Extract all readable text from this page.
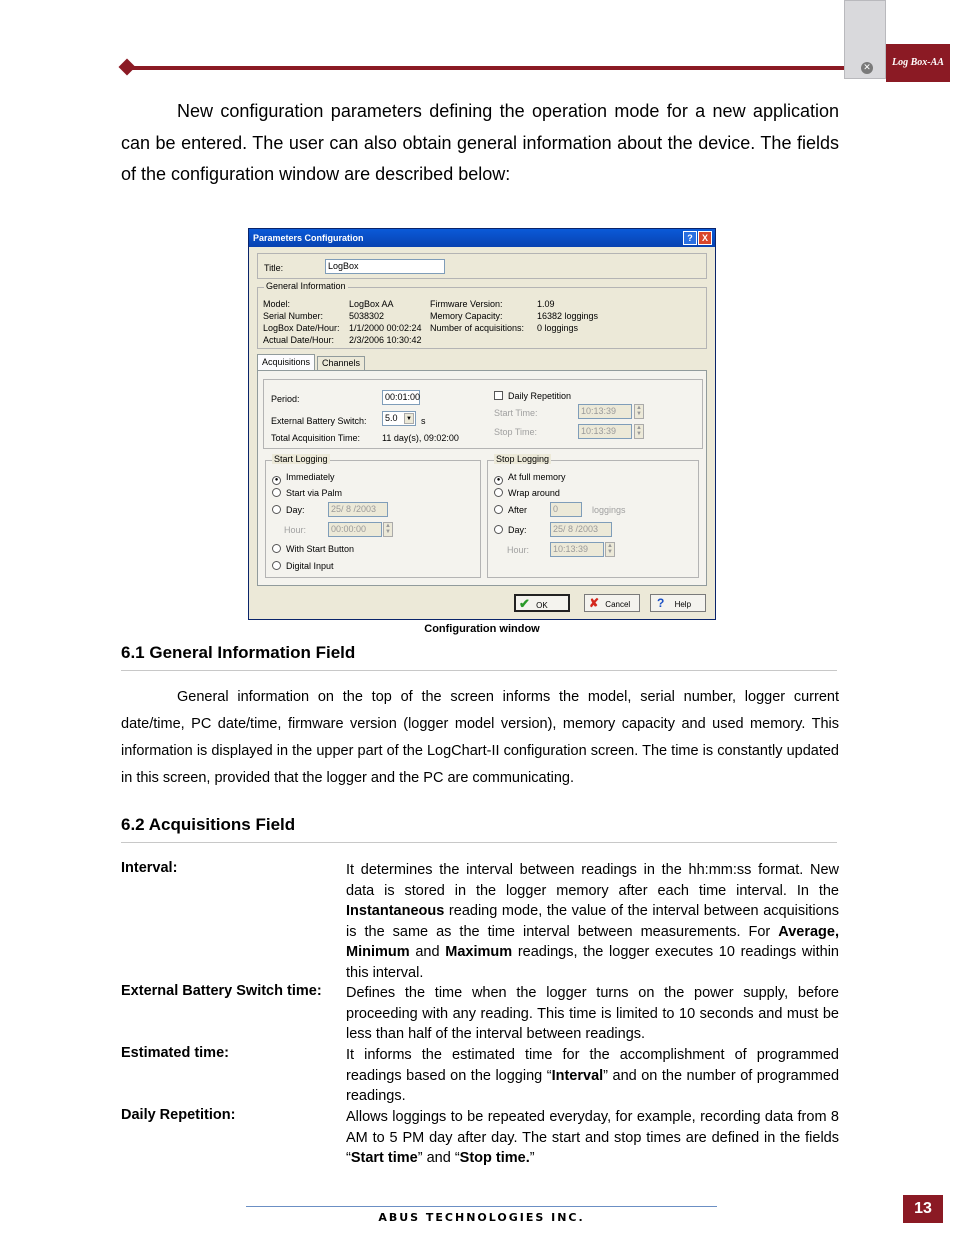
✕	Log Box-AA
New configuration parameters defining the operation mode for a new application can be entered. The user can also obtain general information about the device. The fields of the configuration window are described below:
Parameters Configuration	?	X
Title:	LogBox
General Information
Model:	LogBox AA
Serial Number:	5038302
LogBox Date/Hour: 1/1/2000 00:02:24
Actual Date/Hour: 2/3/2006 10:30:42
Firmware Version:	1.09
Memory Capacity:	16382 loggings
Number of acquisitions: 0 loggings
Acquisitions	Channels
Period:	00:01:00
External Battery Switch:	5.0	▼ s
Total Acquisition Time: 11 day(s), 09:02:00
Daily Repetition
Start Time:	10:13:39	▲
▼
Stop Time:	10:13:39	▲
▼
Start Logging
● Immediately
Start via Palm
Day:	25/ 8 /2003
Hour:	00:00:00	▲
▼
With Start Button
Digital Input
Stop Logging
● At full memory
Wrap around
After	0	loggings
Day:	25/ 8 /2003
Hour:	10:13:39	▲
▼
✔ OK	✘ Cancel	? Help
Configuration window
6.1 General Information Field
General information on the top of the screen informs the model, serial number, logger current date/time, PC date/time, firmware version (logger model version), memory capacity and used memory. This information is displayed in the upper part of the LogChart-II configuration screen. The time is constantly updated in this screen, provided that the logger and the PC are communicating.
6.2 Acquisitions Field
Interval:	It determines the interval between readings in the hh:mm:ss format. New data is stored in the logger memory after each time interval. In the Instantaneous reading mode, the value of the interval between acquisitions is the same as the time interval between measurements. For Average, Minimum and Maximum readings, the logger executes 10 readings within this interval.
External Battery Switch time: Defines the time when the logger turns on the power supply, before proceeding with any reading. This time is limited to 10 seconds and must be less than half of the interval between readings.
Estimated time:	It informs the estimated time for the accomplishment of programmed readings based on the logging “Interval” and on the number of programmed readings.
Daily Repetition:	Allows loggings to be repeated everyday, for example, recording data from 8 AM to 5 PM day after day. The start and stop times are defined in the fields “Start time” and “Stop time.”
ABUS TECHNOLOGIES INC.
13
